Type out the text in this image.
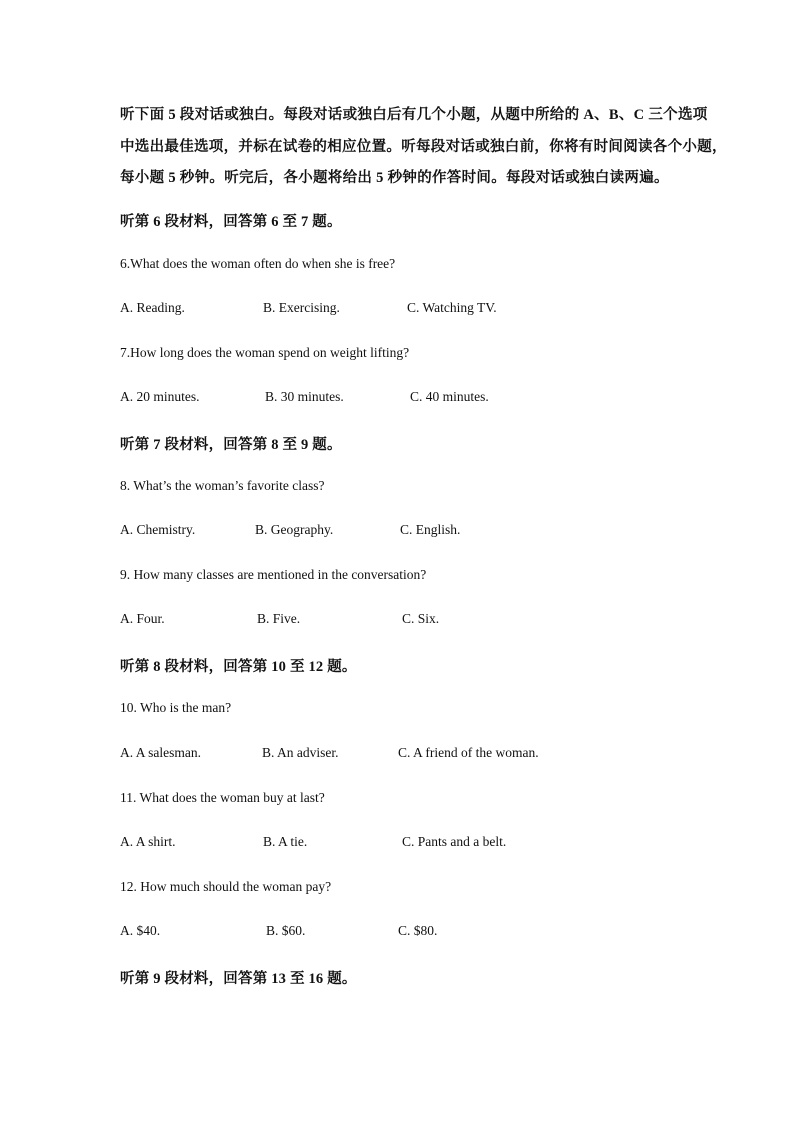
听下面 5 段对话或独白。每段对话或独白后有几个小题，从题中所给的 A、B、C 三个选项
中选出最佳选项，并标在试卷的相应位置。听每段对话或独白前，你将有时间阅读各个小题，
每小题 5 秒钟。听完后，各小题将给出 5 秒钟的作答时间。每段对话或独白读两遍。
听第 6 段材料，回答第 6 至 7 题。
6.What does the woman often do when she is free?
A. Reading.	B. Exercising.	C. Watching TV.
7.How long does the woman spend on weight lifting?
A. 20 minutes.	B. 30 minutes.	C. 40 minutes.
听第 7 段材料，回答第 8 至 9 题。
8. What’s the woman’s favorite class?
A. Chemistry.	B. Geography.	C. English.
9. How many classes are mentioned in the conversation?
A. Four.	B. Five.	C. Six.
听第 8 段材料，回答第 10 至 12 题。
10. Who is the man?
A. A salesman.	B. An adviser.	C. A friend of the woman.
11. What does the woman buy at last?
A. A shirt.	B. A tie.	C. Pants and a belt.
12. How much should the woman pay?
A. $40.	B. $60.	C. $80.
听第 9 段材料，回答第 13 至 16 题。
